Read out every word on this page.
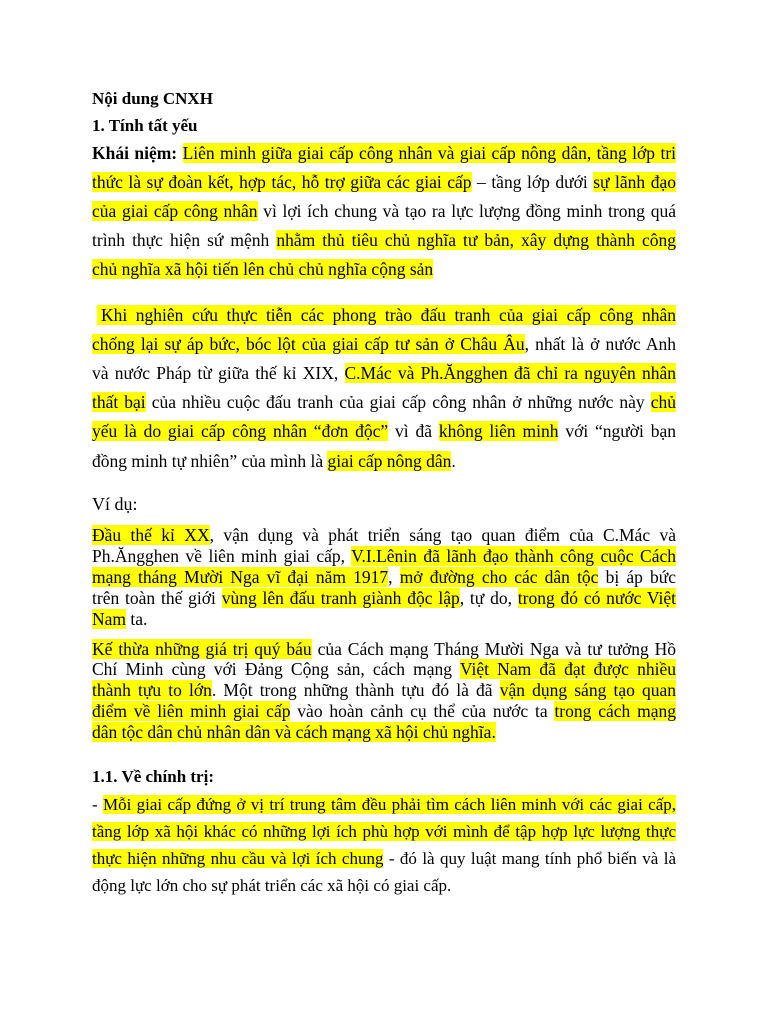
Nội dung CNXH
1. Tính tất yếu
Khái niệm: Liên minh giữa giai cấp công nhân và giai cấp nông dân, tầng lớp tri
thức là sự đoàn kết, hợp tác, hỗ trợ giữa các giai cấp – tầng lớp dưới sự lãnh đạo
của giai cấp công nhân vì lợi ích chung và tạo ra lực lượng đồng minh trong quá
trình thực hiện sứ mệnh nhằm thủ tiêu chủ nghĩa tư bản, xây dựng thành công
chủ nghĩa xã hội tiến lên chủ chủ nghĩa cộng sản
Khi nghiên cứu thực tiễn các phong trào đấu tranh của giai cấp công nhân
chống lại sự áp bức, bóc lột của giai cấp tư sản ở Châu Âu, nhất là ở nước Anh
và nước Pháp từ giữa thế kỉ XIX, C.Mác và Ph.Ăngghen đã chỉ ra nguyên nhân
thất bại của nhiều cuộc đấu tranh của giai cấp công nhân ở những nước này chủ
yếu là do giai cấp công nhân “đơn độc” vì đã không liên minh với “người bạn
đồng minh tự nhiên” của mình là giai cấp nông dân.
Ví dụ:
Đầu thế kỉ XX, vận dụng và phát triển sáng tạo quan điểm của C.Mác và
Ph.Ăngghen về liên minh giai cấp, V.I.Lênin đã lãnh đạo thành công cuộc Cách
mạng tháng Mười Nga vĩ đại năm 1917, mở đường cho các dân tộc bị áp bức
trên toàn thế giới vùng lên đấu tranh giành độc lập, tự do, trong đó có nước Việt
Nam ta.
Kế thừa những giá trị quý báu của Cách mạng Tháng Mười Nga và tư tưởng Hồ
Chí Minh cùng với Đảng Cộng sản, cách mạng Việt Nam đã đạt được nhiều
thành tựu to lớn. Một trong những thành tựu đó là đã vận dụng sáng tạo quan
điểm về liên minh giai cấp vào hoàn cảnh cụ thể của nước ta trong cách mạng
dân tộc dân chủ nhân dân và cách mạng xã hội chủ nghĩa.
1.1. Về chính trị:
- Mỗi giai cấp đứng ở vị trí trung tâm đều phải tìm cách liên minh với các giai cấp,
tầng lớp xã hội khác có những lợi ích phù hợp với mình để tập hợp lực lượng thực
thực hiện những nhu cầu và lợi ích chung - đó là quy luật mang tính phổ biến và là
động lực lớn cho sự phát triển các xã hội có giai cấp.
